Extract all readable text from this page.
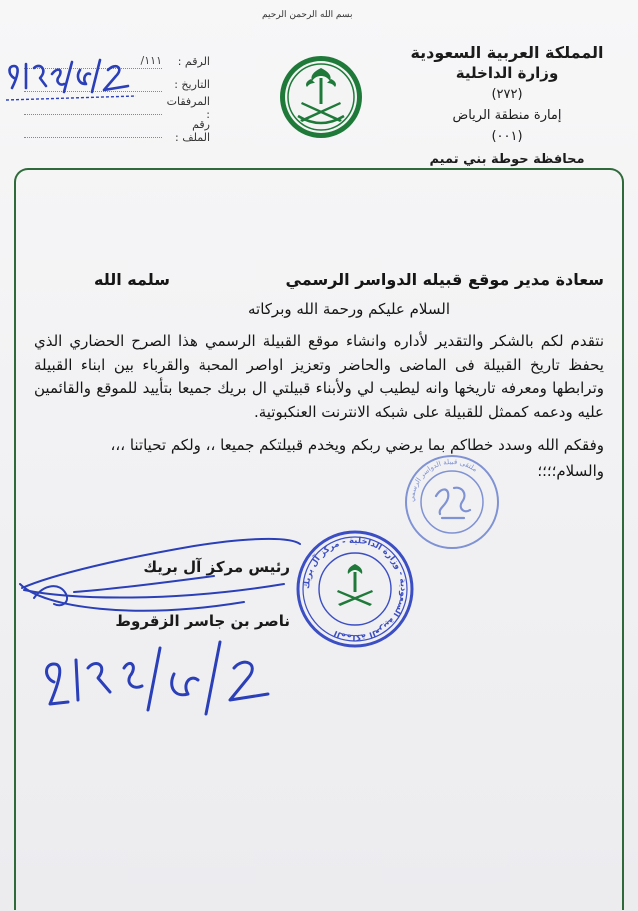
بسم الله الرحمن الرحيم
المملكة العربية السعودية
وزارة الداخلية
(٢٧٢)
إمارة منطقة الرياض
(٠٠١)
محافظة حوطة بني تميم
الرقم :
١١١/
التاريخ :
المرفقات :
رقم الملف :
سعادة مدير موقع قبيله الدواسر الرسمي
سلمه الله
السلام عليكم ورحمة الله وبركاته
نتقدم لكم بالشكر والتقدير لأداره وانشاء موقع القبيلة الرسمي هذا الصرح الحضاري الذي يحفظ تاريخ القبيلة فى الماضى والحاضر وتعزيز اواصر المحبة والقرباء بين ابناء القبيلة وترابطها ومعرفه تاريخها وانه ليطيب لي ولأبناء قبيلتي ال بريك جميعا بتأييد للموقع والقائمين عليه ودعمه كممثل للقبيلة على شبكه الانترنت العنكبوتية.
وفقكم الله وسدد خطاكم بما يرضي ربكم ويخدم قبيلتكم جميعا ،، ولكم تحياتنا ،،،
والسلام؛؛؛؛
ملتقى قبيلة الدواسر الرسمي
رئيس مركز آل بريك
ناصر بن جاسر الزقروط
المملكة العربية السعودية - وزارة الداخلية - مركز آل بريك
